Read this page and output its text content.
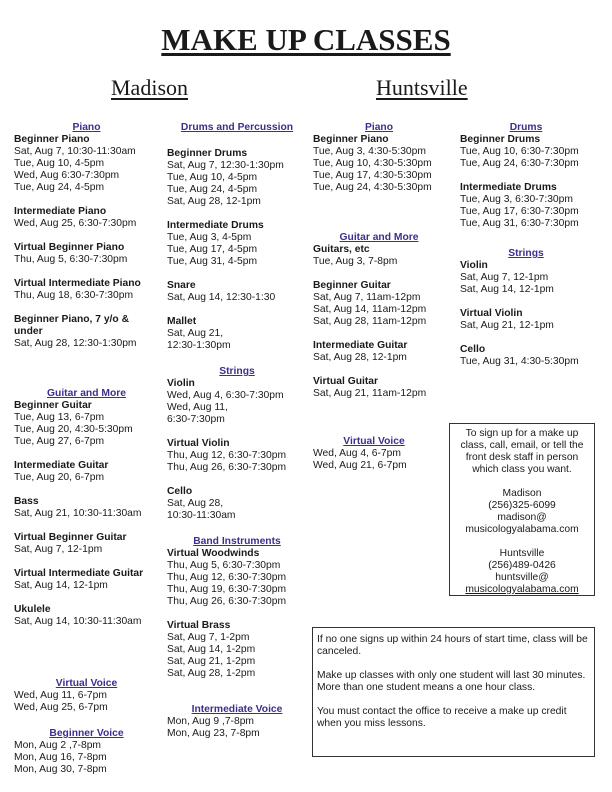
MAKE UP CLASSES
Madison	Huntsville
Piano
Beginner Piano
Sat, Aug 7, 10:30-11:30am
Tue, Aug 10, 4-5pm
Wed, Aug 6:30-7:30pm
Tue, Aug 24, 4-5pm
Intermediate Piano
Wed, Aug 25, 6:30-7:30pm
Virtual Beginner Piano
Thu, Aug 5, 6:30-7:30pm
Virtual Intermediate Piano
Thu, Aug 18, 6:30-7:30pm
Beginner Piano, 7 y/o & under
Sat, Aug 28, 12:30-1:30pm
Guitar and More
Beginner Guitar
Tue, Aug 13, 6-7pm
Tue, Aug 20, 4:30-5:30pm
Tue, Aug 27, 6-7pm
Intermediate Guitar
Tue, Aug 20, 6-7pm
Bass
Sat, Aug 21, 10:30-11:30am
Virtual Beginner Guitar
Sat, Aug 7, 12-1pm
Virtual Intermediate Guitar
Sat, Aug 14, 12-1pm
Ukulele
Sat, Aug 14, 10:30-11:30am
Virtual Voice
Wed, Aug 11, 6-7pm
Wed, Aug 25, 6-7pm
Beginner Voice
Mon, Aug 2 ,7-8pm
Mon, Aug 16, 7-8pm
Mon, Aug 30, 7-8pm
Drums and Percussion
Beginner Drums
Sat, Aug 7, 12:30-1:30pm
Tue, Aug 10, 4-5pm
Tue, Aug 24, 4-5pm
Sat, Aug 28, 12-1pm
Intermediate Drums
Tue, Aug 3, 4-5pm
Tue, Aug 17, 4-5pm
Tue, Aug 31, 4-5pm
Snare
Sat, Aug 14, 12:30-1:30
Mallet
Sat, Aug 21,
12:30-1:30pm
Strings
Violin
Wed, Aug 4, 6:30-7:30pm
Wed, Aug 11,
6:30-7:30pm
Virtual Violin
Thu, Aug 12, 6:30-7:30pm
Thu, Aug 26, 6:30-7:30pm
Cello
Sat, Aug 28,
10:30-11:30am
Band Instruments
Virtual Woodwinds
Thu, Aug 5, 6:30-7:30pm
Thu, Aug 12, 6:30-7:30pm
Thu, Aug 19, 6:30-7:30pm
Thu, Aug 26, 6:30-7:30pm
Virtual Brass
Sat, Aug 7, 1-2pm
Sat, Aug 14, 1-2pm
Sat, Aug 21, 1-2pm
Sat, Aug 28, 1-2pm
Intermediate Voice
Mon, Aug 9 ,7-8pm
Mon, Aug 23, 7-8pm
Piano
Beginner Piano
Tue, Aug 3, 4:30-5:30pm
Tue, Aug 10, 4:30-5:30pm
Tue, Aug 17, 4:30-5:30pm
Tue, Aug 24, 4:30-5:30pm
Guitar and More
Guitars, etc
Tue, Aug 3, 7-8pm
Beginner Guitar
Sat, Aug 7, 11am-12pm
Sat, Aug 14, 11am-12pm
Sat, Aug 28, 11am-12pm
Intermediate Guitar
Sat, Aug 28, 12-1pm
Virtual Guitar
Sat, Aug 21, 11am-12pm
Virtual Voice
Wed, Aug 4, 6-7pm
Wed, Aug 21, 6-7pm
Drums
Beginner Drums
Tue, Aug 10, 6:30-7:30pm
Tue, Aug 24, 6:30-7:30pm
Intermediate Drums
Tue, Aug 3, 6:30-7:30pm
Tue, Aug 17, 6:30-7:30pm
Tue, Aug 31, 6:30-7:30pm
Strings
Violin
Sat, Aug 7, 12-1pm
Sat, Aug 14, 12-1pm
Virtual Violin
Sat, Aug 21, 12-1pm
Cello
Tue, Aug 31, 4:30-5:30pm

To sign up for a make up class, call, email, or tell the front desk staff in person which class you want.

Madison
(256)325-6099
madison@
musicologyalabama.com

Huntsville
(256)489-0426
huntsville@
musicologyalabama.com

If no one signs up within 24 hours of start time, class will be canceled.

Make up classes with only one student will last 30 minutes. More than one student means a one hour class.

You must contact the office to receive a make up credit when you miss lessons.
